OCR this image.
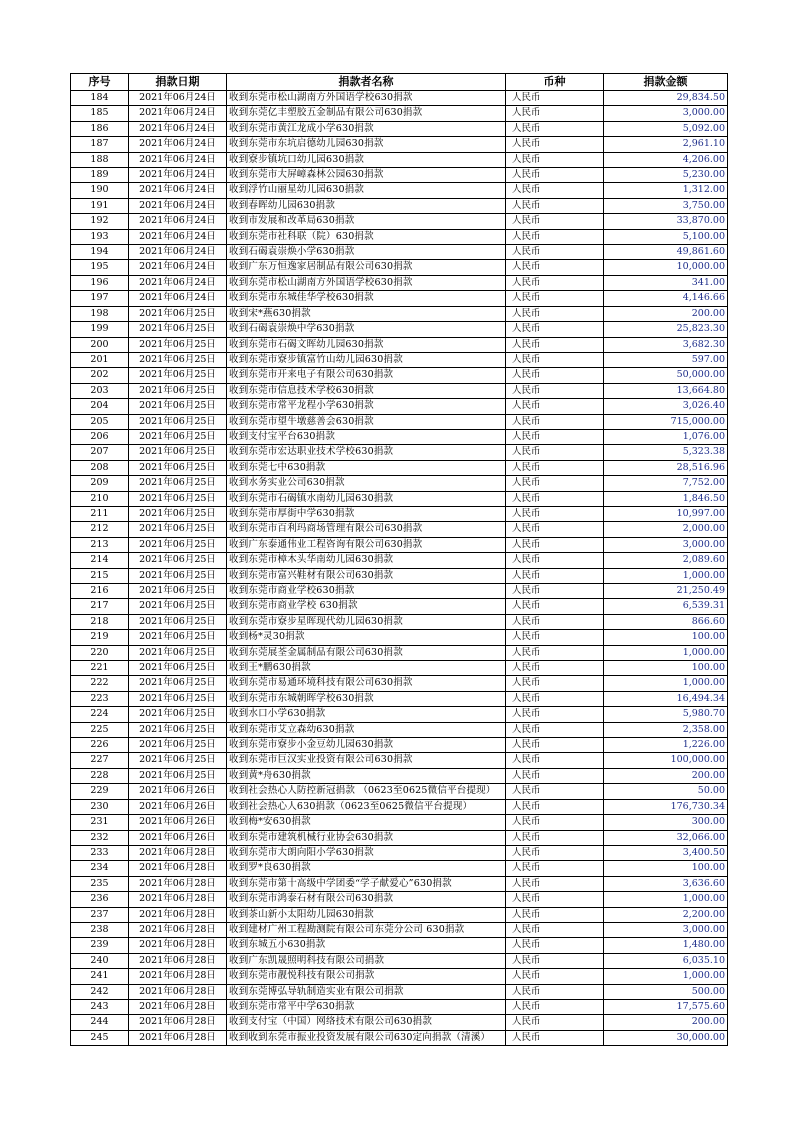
序号	捐款日期	捐款者名称	币种	捐款金额
184	2021年06月24日	收到东莞市松山湖南方外国语学校630捐款	人民币	29,834.50
185	2021年06月24日	收到东莞亿丰塑胶五金制品有限公司630捐款	人民币	3,000.00
186	2021年06月24日	收到东莞市黄江龙成小学630捐款	人民币	5,092.00
187	2021年06月24日	收到东莞市东坑启德幼儿园630捐款	人民币	2,961.10
188	2021年06月24日	收到寮步镇坑口幼儿园630捐款	人民币	4,206.00
189	2021年06月24日	收到东莞市大屏嶂森林公园630捐款	人民币	5,230.00
190	2021年06月24日	收到浮竹山丽星幼儿园630捐款	人民币	1,312.00
191	2021年06月24日	收到春晖幼儿园630捐款	人民币	3,750.00
192	2021年06月24日	收到市发展和改革局630捐款	人民币	33,870.00
193	2021年06月24日	收到东莞市社科联（院）630捐款	人民币	5,100.00
194	2021年06月24日	收到石碣袁崇焕小学630捐款	人民币	49,861.60
195	2021年06月24日	收到广东万恒逸家居制品有限公司630捐款	人民币	10,000.00
196	2021年06月24日	收到东莞市松山湖南方外国语学校630捐款	人民币	341.00
197	2021年06月24日	收到东莞市东城佳华学校630捐款	人民币	4,146.66
198	2021年06月25日	收到宋*燕630捐款	人民币	200.00
199	2021年06月25日	收到石碣袁崇焕中学630捐款	人民币	25,823.30
200	2021年06月25日	收到东莞市石碣文晖幼儿园630捐款	人民币	3,682.30
201	2021年06月25日	收到东莞市寮步镇富竹山幼儿园630捐款	人民币	597.00
202	2021年06月25日	收到东莞市开来电子有限公司630捐款	人民币	50,000.00
203	2021年06月25日	收到东莞市信息技术学校630捐款	人民币	13,664.80
204	2021年06月25日	收到东莞市常平龙程小学630捐款	人民币	3,026.40
205	2021年06月25日	收到东莞市望牛墩慈善会630捐款	人民币	715,000.00
206	2021年06月25日	收到支付宝平台630捐款	人民币	1,076.00
207	2021年06月25日	收到东莞市宏达职业技术学校630捐款	人民币	5,323.38
208	2021年06月25日	收到东莞七中630捐款	人民币	28,516.96
209	2021年06月25日	收到水务实业公司630捐款	人民币	7,752.00
210	2021年06月25日	收到东莞市石碣镇水南幼儿园630捐款	人民币	1,846.50
211	2021年06月25日	收到东莞市厚街中学630捐款	人民币	10,997.00
212	2021年06月25日	收到东莞市百利玛商场管理有限公司630捐款	人民币	2,000.00
213	2021年06月25日	收到广东泰通伟业工程咨询有限公司630捐款	人民币	3,000.00
214	2021年06月25日	收到东莞市樟木头华南幼儿园630捐款	人民币	2,089.60
215	2021年06月25日	收到东莞市富兴鞋材有限公司630捐款	人民币	1,000.00
216	2021年06月25日	收到东莞市商业学校630捐款	人民币	21,250.49
217	2021年06月25日	收到东莞市商业学校 630捐款	人民币	6,539.31
218	2021年06月25日	收到东莞市寮步星晖现代幼儿园630捐款	人民币	866.60
219	2021年06月25日	收到杨*灵30捐款	人民币	100.00
220	2021年06月25日	收到东莞展荃金属制品有限公司630捐款	人民币	1,000.00
221	2021年06月25日	收到王*鹏630捐款	人民币	100.00
222	2021年06月25日	收到东莞市易通环境科技有限公司630捐款	人民币	1,000.00
223	2021年06月25日	收到东莞市东城朝晖学校630捐款	人民币	16,494.34
224	2021年06月25日	收到水口小学630捐款	人民币	5,980.70
225	2021年06月25日	收到东莞市艾立森幼630捐款	人民币	2,358.00
226	2021年06月25日	收到东莞市寮步小金豆幼儿园630捐款	人民币	1,226.00
227	2021年06月25日	收到东莞市巨汉实业投资有限公司630捐款	人民币	100,000.00
228	2021年06月25日	收到黄*舟630捐款	人民币	200.00
229	2021年06月26日	收到社会热心人防控新冠捐款 （0623至0625微信平台提现）	人民币	50.00
230	2021年06月26日	收到社会热心人630捐款（0623至0625微信平台提现）	人民币	176,730.34
231	2021年06月26日	收到梅*安630捐款	人民币	300.00
232	2021年06月26日	收到东莞市建筑机械行业协会630捐款	人民币	32,066.00
233	2021年06月28日	收到东莞市大朗向阳小学630捐款	人民币	3,400.50
234	2021年06月28日	收到罗*良630捐款	人民币	100.00
235	2021年06月28日	收到东莞市第十高级中学团委“学子献爱心”630捐款	人民币	3,636.60
236	2021年06月28日	收到东莞市鸿泰石材有限公司630捐款	人民币	1,000.00
237	2021年06月28日	收到茶山新小太阳幼儿园630捐款	人民币	2,200.00
238	2021年06月28日	收到建材广州工程勘测院有限公司东莞分公司 630捐款	人民币	3,000.00
239	2021年06月28日	收到东城五小630捐款	人民币	1,480.00
240	2021年06月28日	收到广东凯晟照明科技有限公司捐款	人民币	6,035.10
241	2021年06月28日	收到东莞市靓悦科技有限公司捐款	人民币	1,000.00
242	2021年06月28日	收到东莞博弘导轨制造实业有限公司捐款	人民币	500.00
243	2021年06月28日	收到东莞市常平中学630捐款	人民币	17,575.60
244	2021年06月28日	收到支付宝（中国）网络技术有限公司630捐款	人民币	200.00
245	2021年06月28日	收到收到东莞市振业投资发展有限公司630定向捐款（清溪）	人民币	30,000.00
